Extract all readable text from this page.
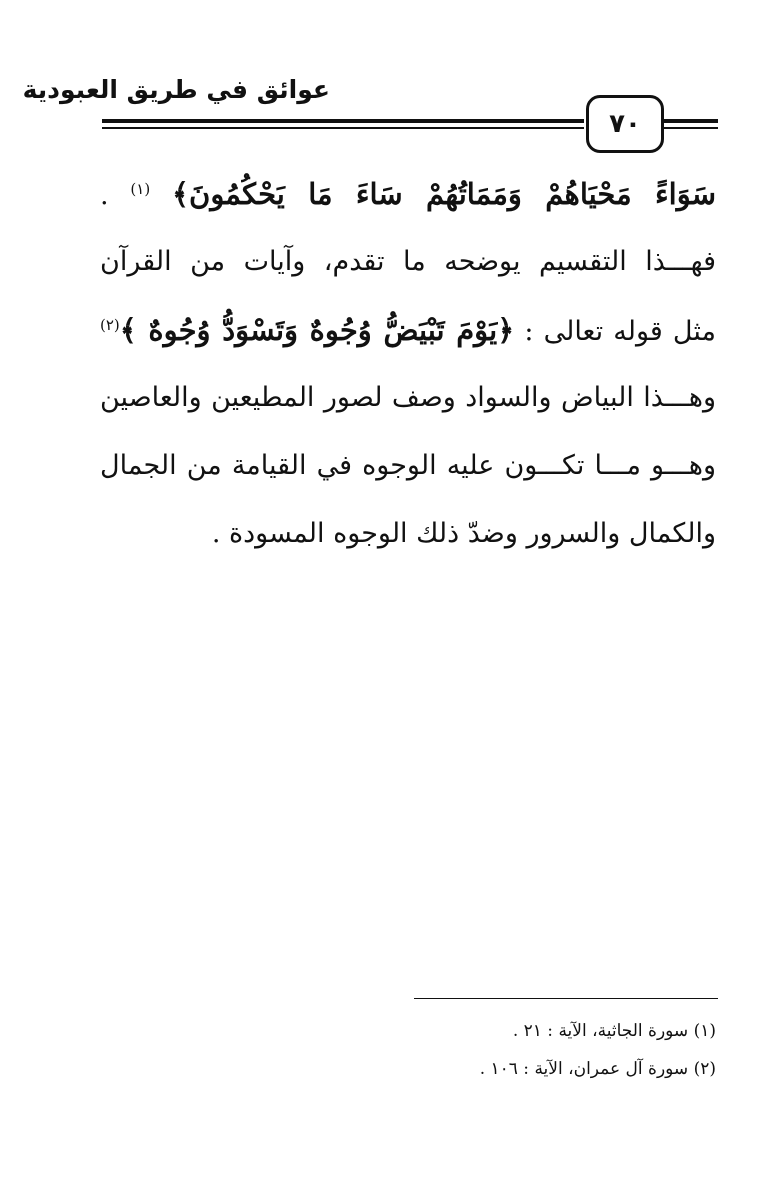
عوائق في طريق العبودية
٧٠
سَوَاءً مَحْيَاهُمْ وَمَمَاتُهُمْ سَاءَ مَا يَحْكُمُونَ﴾ $^{(١)}$ .
فهـــذا التقسيم يوضحه ما تقدم، وآيات من القرآن
مثل قوله تعالى : ﴿يَوْمَ تَبْيَضُّ وُجُوهٌ وَتَسْوَدُّ وُجُوهٌ ﴾$^{(٢)}$
وهـــذا البياض والسواد وصف لصور المطيعين والعاصين
وهـــو مـــا تكـــون عليه الوجوه في القيامة من الجمال
والكمال والسرور وضدّ ذلك الوجوه المسودة .
(١) سورة الجاثية، الآية : ٢١ .
(٢) سورة آل عمران، الآية : ١٠٦ .
